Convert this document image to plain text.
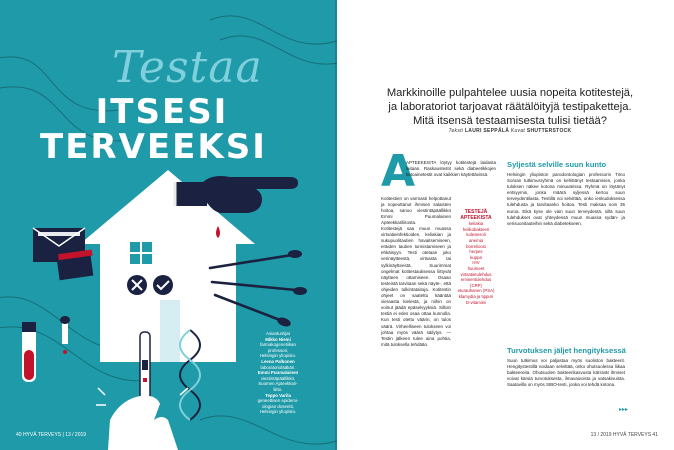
Testaa
ITSESI
TERVEEKSI
Asiantuntijat
Mikko Niemi
farmakogenetiikan
professori,
Helsingin yliopisto.
Leena Palkonen
laboratoriolääkäri.
Emmi Puumalainen
viestintäpäällikkö,
Suomen Apteekkari-
liitto.
Teppo Varila
geneettisen epidemi-
ologian dosentti,
Helsingin yliopisto.
40 HYVÄ TERVEYS | 13 / 2019
Markkinoille pulpahtelee uusia nopeita kotitestejä, ja laboratoriot tarjoavat räätälöityjä testipaketteja. Mitä itsensä testaamisesta tulisi tietää?
Teksti LAURI SEPPÄLÄ Kuvat SHUTTERSTOCK
A
APTEEKEISTA löytyy kotitestejä laidasta laitaan. Raskaustestit sekä diabeetikkojen ketoainetestit ovat kaikkien käytettävissä.
Kotitestien on varmasti helpottanut ja nopeuttanut ihmisen salaisten hoitoa, sanoo viestintäpäällikkö Emmi Puumalainen Apteekkariliitosta.
Kotitestejä saa muun muassa virtsatieinfektioiden, keliakian ja sukupuolitautien havaitsemiseen, eräiden tautien tunnistamiseen ja ehkäisyyn. Testi otetaan joko verinäytteestä, virtsasta tai sylkinäytteestä. Suurimmat ongelmat kotitestauksessa liittyvät näytteen ottamiseen. Osaan testeistä tarvitaan sekä näyte-, että ohjeiden tulkintataitoja. Kotitestin ohjeet on saatettu kääntää vieraasta kielestä, ja niihin on voinut jäädä epäselvyyksiä. Silloin testiä ei edes osaa ottaa kunnolla. Kun testi otettu väärin, on tulos väärä. Virheelliseen tulokseen voi johtaa myös väärä säilytys. — Testin jälkeen tulee aina pohtia, mitä tuloksella tehdään.
TESTEJÄ APTEEKISTA
keliakia
helikobakteeri
kolesteroli
anemia
borrelioosi
herpes
kuppa
HIV
huumeet
virtsatietulehdus
eminentulehdus (CRP)
eturauhanen (PSA)
klamydia ja tippuri
D-vitamiini
Syljestä selville suun kunto
Helsingin yliopiston parodontologian professorin Timo Sorsan tutkimusryhmä on kehittänyt testaamisen, jonka tuloksen näkee kotona minuuteissa. Ryhmä on löytänyt entsyymin, jonka määrä syljessä kertoo suun terveydentilasta. Testillä voi selvittää, onko ienkudoksessa tulehdusta ja tarvitaanko hoitoa. Testi maksaa noin 35 euroa. Eikä kyse ole vain suun terveydestä, sillä suun tulehdukset ovat yhteydessä muun muassa sydän- ja verisuonitauteihin sekä diabetekseen.
Turvotuksen jäljet hengityksessä
Suun tutkimus voi paljastaa myös suoliston bakteerit. Hengitystestillä voidaan selvittää, onko ohutsuolessa liikaa bakteereita. Ohutsuolen bakteerikasvusta kärsivät ihmiset voivat kärsiä turvotuksesta, ilmavaivoista ja vatsakivuista. Saatavilla on myös SIBO-testi, jonka voi tehdä kotona.
▸▸▸
13 / 2019 HYVÄ TERVEYS 41
